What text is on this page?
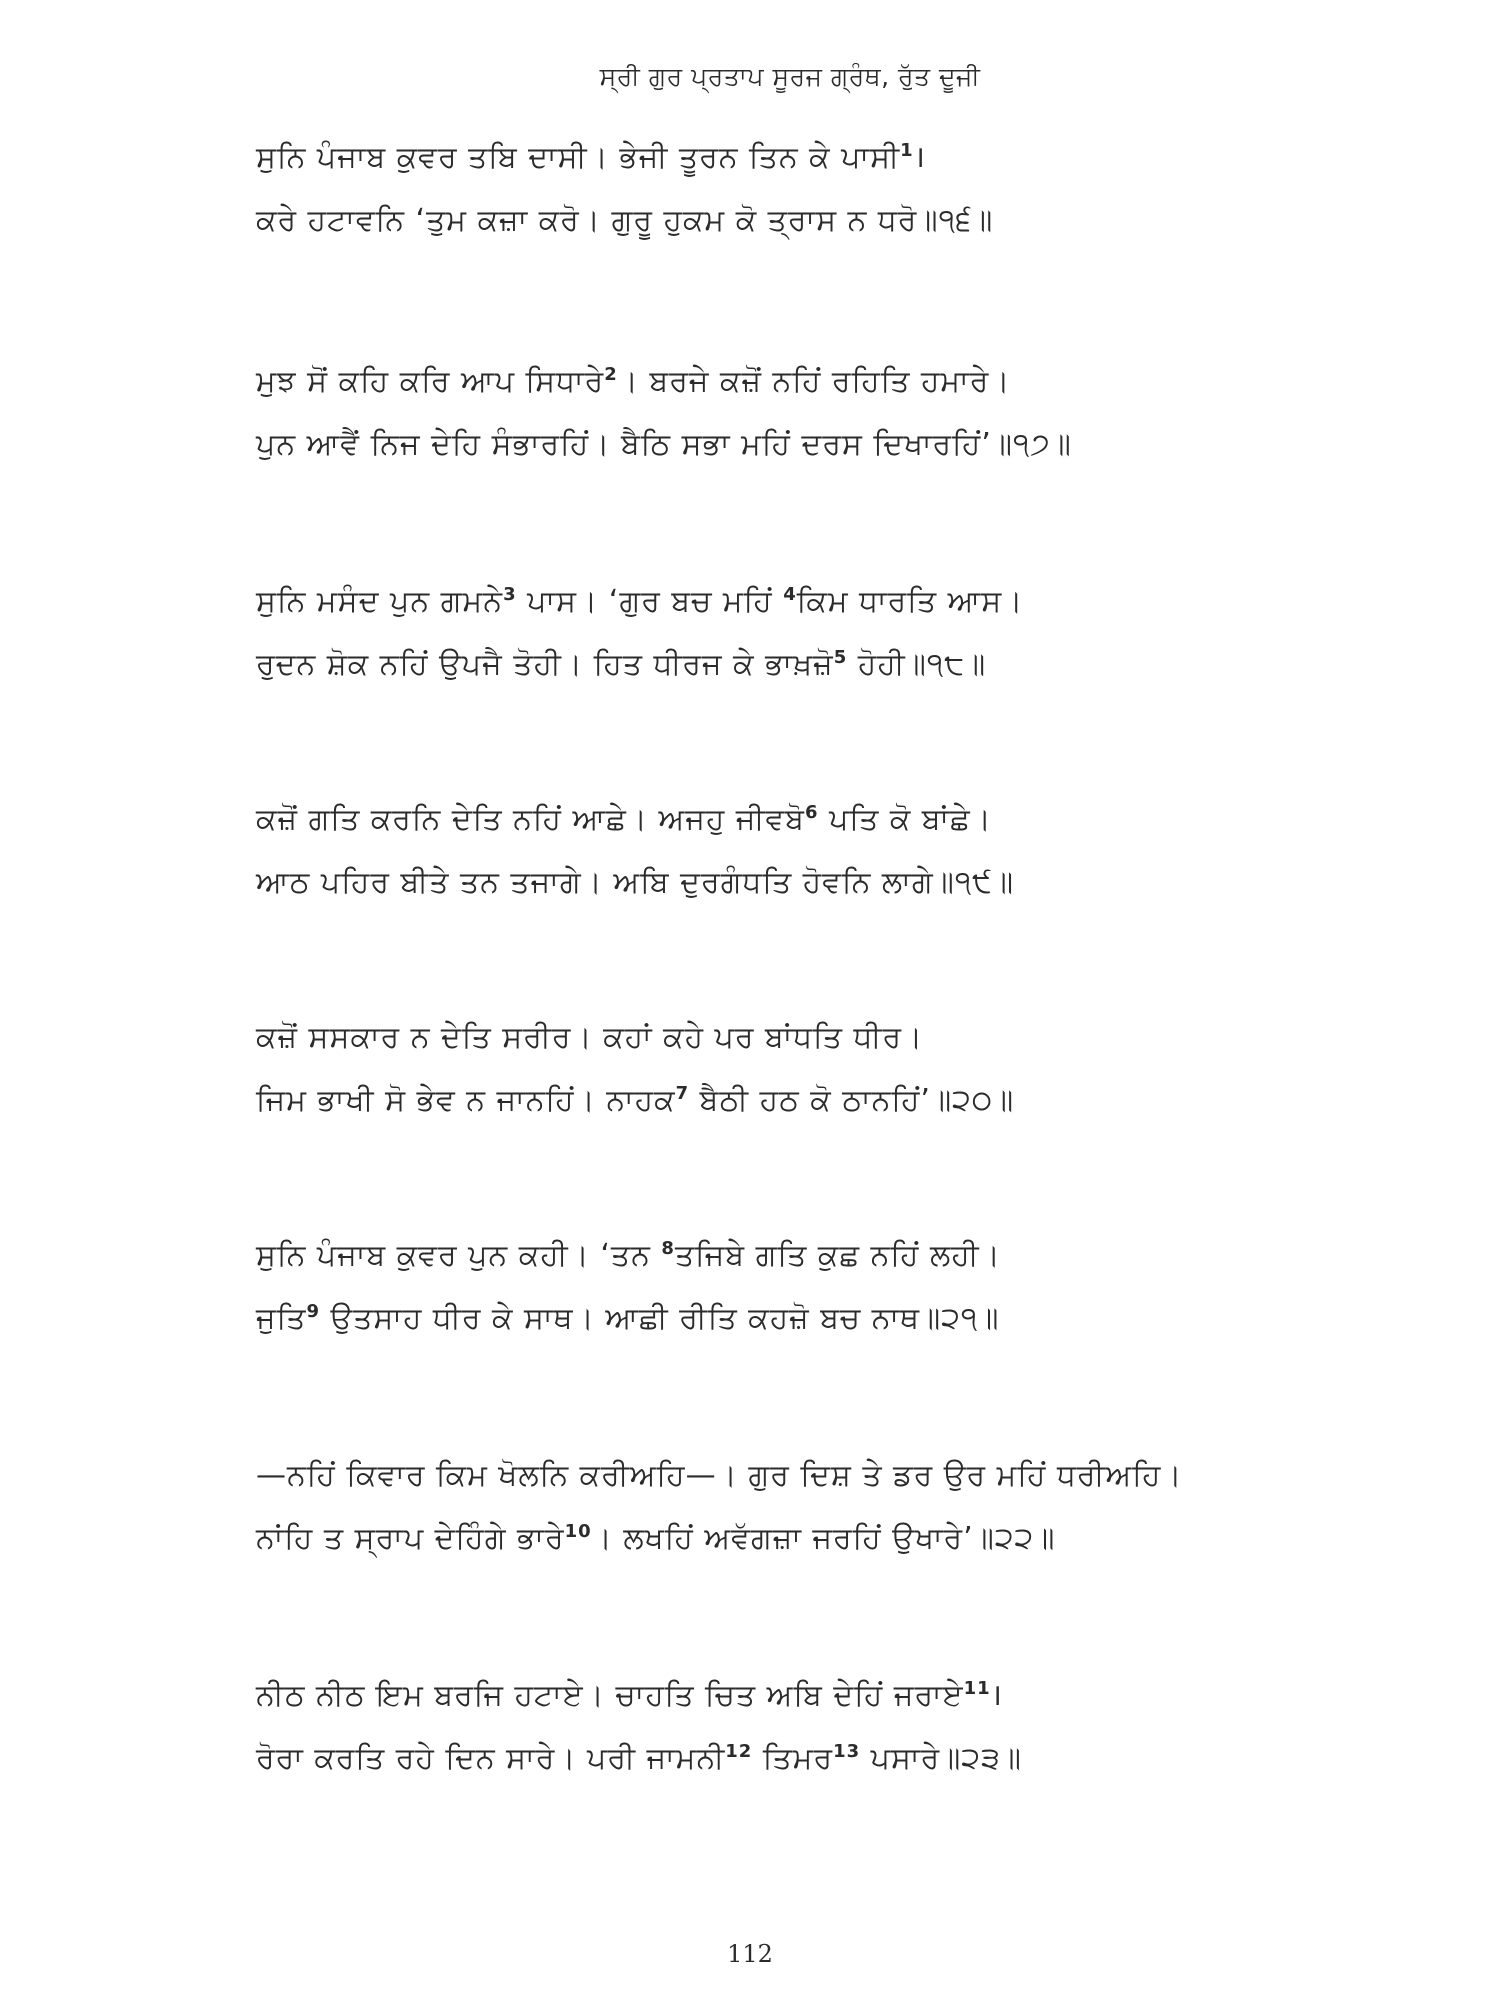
ਸ੍ਰੀ ਗੁਰ ਪ੍ਰਤਾਪ ਸੂਰਜ ਗ੍ਰੰਥ, ਰੁੱਤ ਦੂਜੀ
ਸੁਨਿ ਪੰਜਾਬ ਕੁਵਰ ਤਬਿ ਦਾਸੀ। ਭੇਜੀ ਤੂਰਨ ਤਿਨ ਕੇ ਪਾਸੀ$^1$।
ਕਰੇ ਹਟਾਵਨਿ ‘ਤੁਮ ਕਜ਼ਾ ਕਰੋ। ਗੁਰੂ ਹੁਕਮ ਕੋ ਤ੍ਰਾਸ ਨ ਧਰੋ॥੧੬॥
ਮੁਝ ਸੋਂ ਕਹਿ ਕਰਿ ਆਪ ਸਿਧਾਰੇ$^2$। ਬਰਜੇ ਕਜ਼ੋਂ ਨਹਿਂ ਰਹਿਤਿ ਹਮਾਰੇ।
ਪੁਨ ਆਵੈਂ ਨਿਜ ਦੇਹਿ ਸੰਭਾਰਹਿਂ। ਬੈਠਿ ਸਭਾ ਮਹਿਂ ਦਰਸ ਦਿਖਾਰਹਿਂ’॥੧੭॥
ਸੁਨਿ ਮਸੰਦ ਪੁਨ ਗਮਨੇ$^3$ ਪਾਸ। ‘ਗੁਰ ਬਚ ਮਹਿਂ $^4$ਕਿਮ ਧਾਰਤਿ ਆਸ।
ਰੁਦਨ ਸ਼ੋਕ ਨਹਿਂ ਉਪਜੈ ਤੋਹੀ। ਹਿਤ ਧੀਰਜ ਕੇ ਭਾਖ਼ਜ਼ੋ$^5$ ਹੋਹੀ॥੧੮॥
ਕਜ਼ੋਂ ਗਤਿ ਕਰਨਿ ਦੇਤਿ ਨਹਿਂ ਆਛੇ। ਅਜਹੁ ਜੀਵਬੋ$^6$ ਪਤਿ ਕੋ ਬਾਂਛੇ।
ਆਠ ਪਹਿਰ ਬੀਤੇ ਤਨ ਤਜਾਗੇ। ਅਬਿ ਦੁਰਗੰਧਤਿ ਹੋਵਨਿ ਲਾਗੇ॥੧੯॥
ਕਜ਼ੋਂ ਸਸਕਾਰ ਨ ਦੇਤਿ ਸਰੀਰ। ਕਹਾਂ ਕਹੇ ਪਰ ਬਾਂਧਤਿ ਧੀਰ।
ਜਿਮ ਭਾਖੀ ਸੋ ਭੇਵ ਨ ਜਾਨਹਿਂ। ਨਾਹਕ$^7$ ਬੈਠੀ ਹਠ ਕੋ ਠਾਨਹਿਂ’॥੨੦॥
ਸੁਨਿ ਪੰਜਾਬ ਕੁਵਰ ਪੁਨ ਕਹੀ। ‘ਤਨ $^8$ਤਜਿਬੇ ਗਤਿ ਕੁਛ ਨਹਿਂ ਲਹੀ।
ਜੁਤਿ$^9$ ਉਤਸਾਹ ਧੀਰ ਕੇ ਸਾਥ। ਆਛੀ ਰੀਤਿ ਕਹਜ਼ੋ ਬਚ ਨਾਥ॥੨੧॥
—ਨਹਿਂ ਕਿਵਾਰ ਕਿਮ ਖੋਲਨਿ ਕਰੀਅਹਿ—। ਗੁਰ ਦਿਸ਼ ਤੇ ਡਰ ਉਰ ਮਹਿਂ ਧਰੀਅਹਿ।
ਨਾਂਹਿ ਤ ਸ੍ਰਾਪ ਦੇਹਿੰਗੇ ਭਾਰੇ$^{10}$। ਲਖਹਿਂ ਅਵੱਗਜ਼ਾ ਜਰਹਿਂ ਉਖਾਰੇ’॥੨੨॥
ਨੀਠ ਨੀਠ ਇਮ ਬਰਜਿ ਹਟਾਏ। ਚਾਹਤਿ ਚਿਤ ਅਬਿ ਦੇਹਿਂ ਜਰਾਏ$^{11}$।
ਰੋਰਾ ਕਰਤਿ ਰਹੇ ਦਿਨ ਸਾਰੇ। ਪਰੀ ਜਾਮਨੀ$^{12}$ ਤਿਮਰ$^{13}$ ਪਸਾਰੇ॥੨੩॥
112
